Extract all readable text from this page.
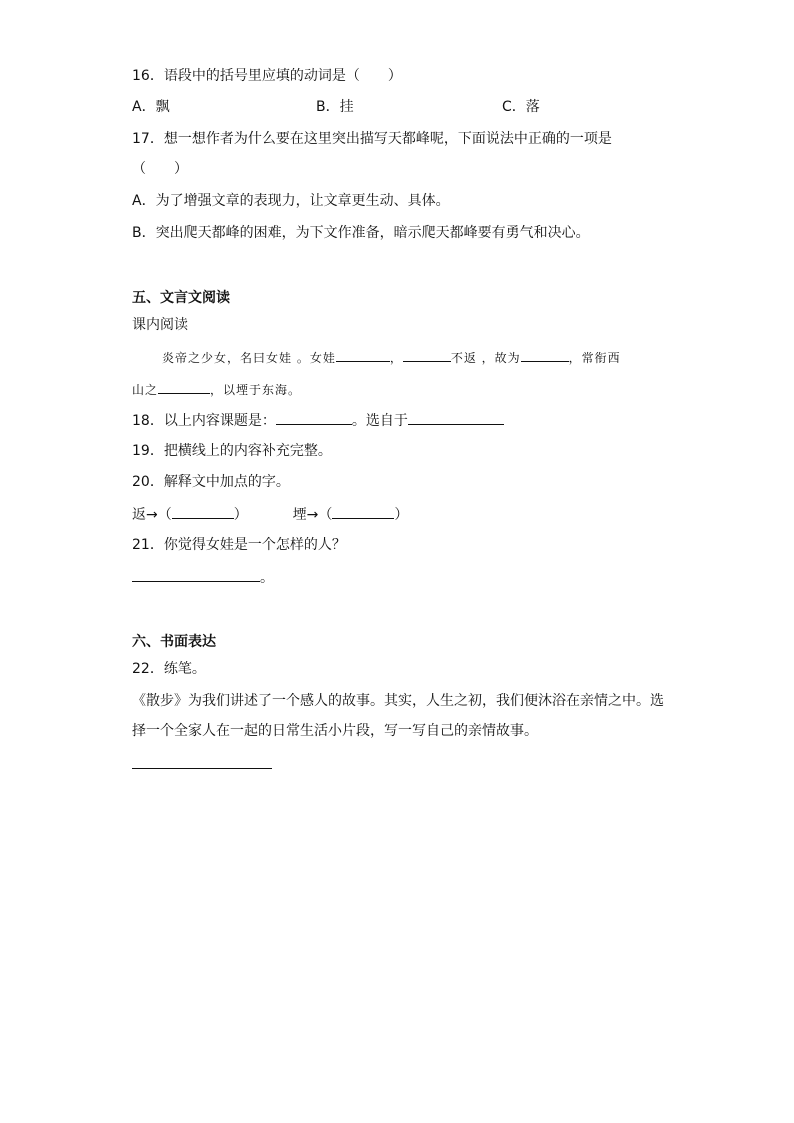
16．语段中的括号里应填的动词是（　　）
A．飘	B．挂	C．落
17．想一想作者为什么要在这里突出描写天都峰呢，下面说法中正确的一项是
（　　）
A．为了增强文章的表现力，让文章更生动、具体。
B．突出爬天都峰的困难，为下文作准备，暗示爬天都峰要有勇气和决心。
五、文言文阅读
课内阅读
炎帝之少女，名曰女娃 。女娃	，	不返 ，故为	，常衔西
山之	，以堙于东海。
18．以上内容课题是：	。选自于
19．把横线上的内容补充完整。
20．解释文中加点的字。
返→（	）	堙→（	）
21．你觉得女娃是一个怎样的人？
。
六、书面表达
22．练笔。
《散步》为我们讲述了一个感人的故事。其实，人生之初，我们便沐浴在亲情之中。选
择一个全家人在一起的日常生活小片段，写一写自己的亲情故事。
